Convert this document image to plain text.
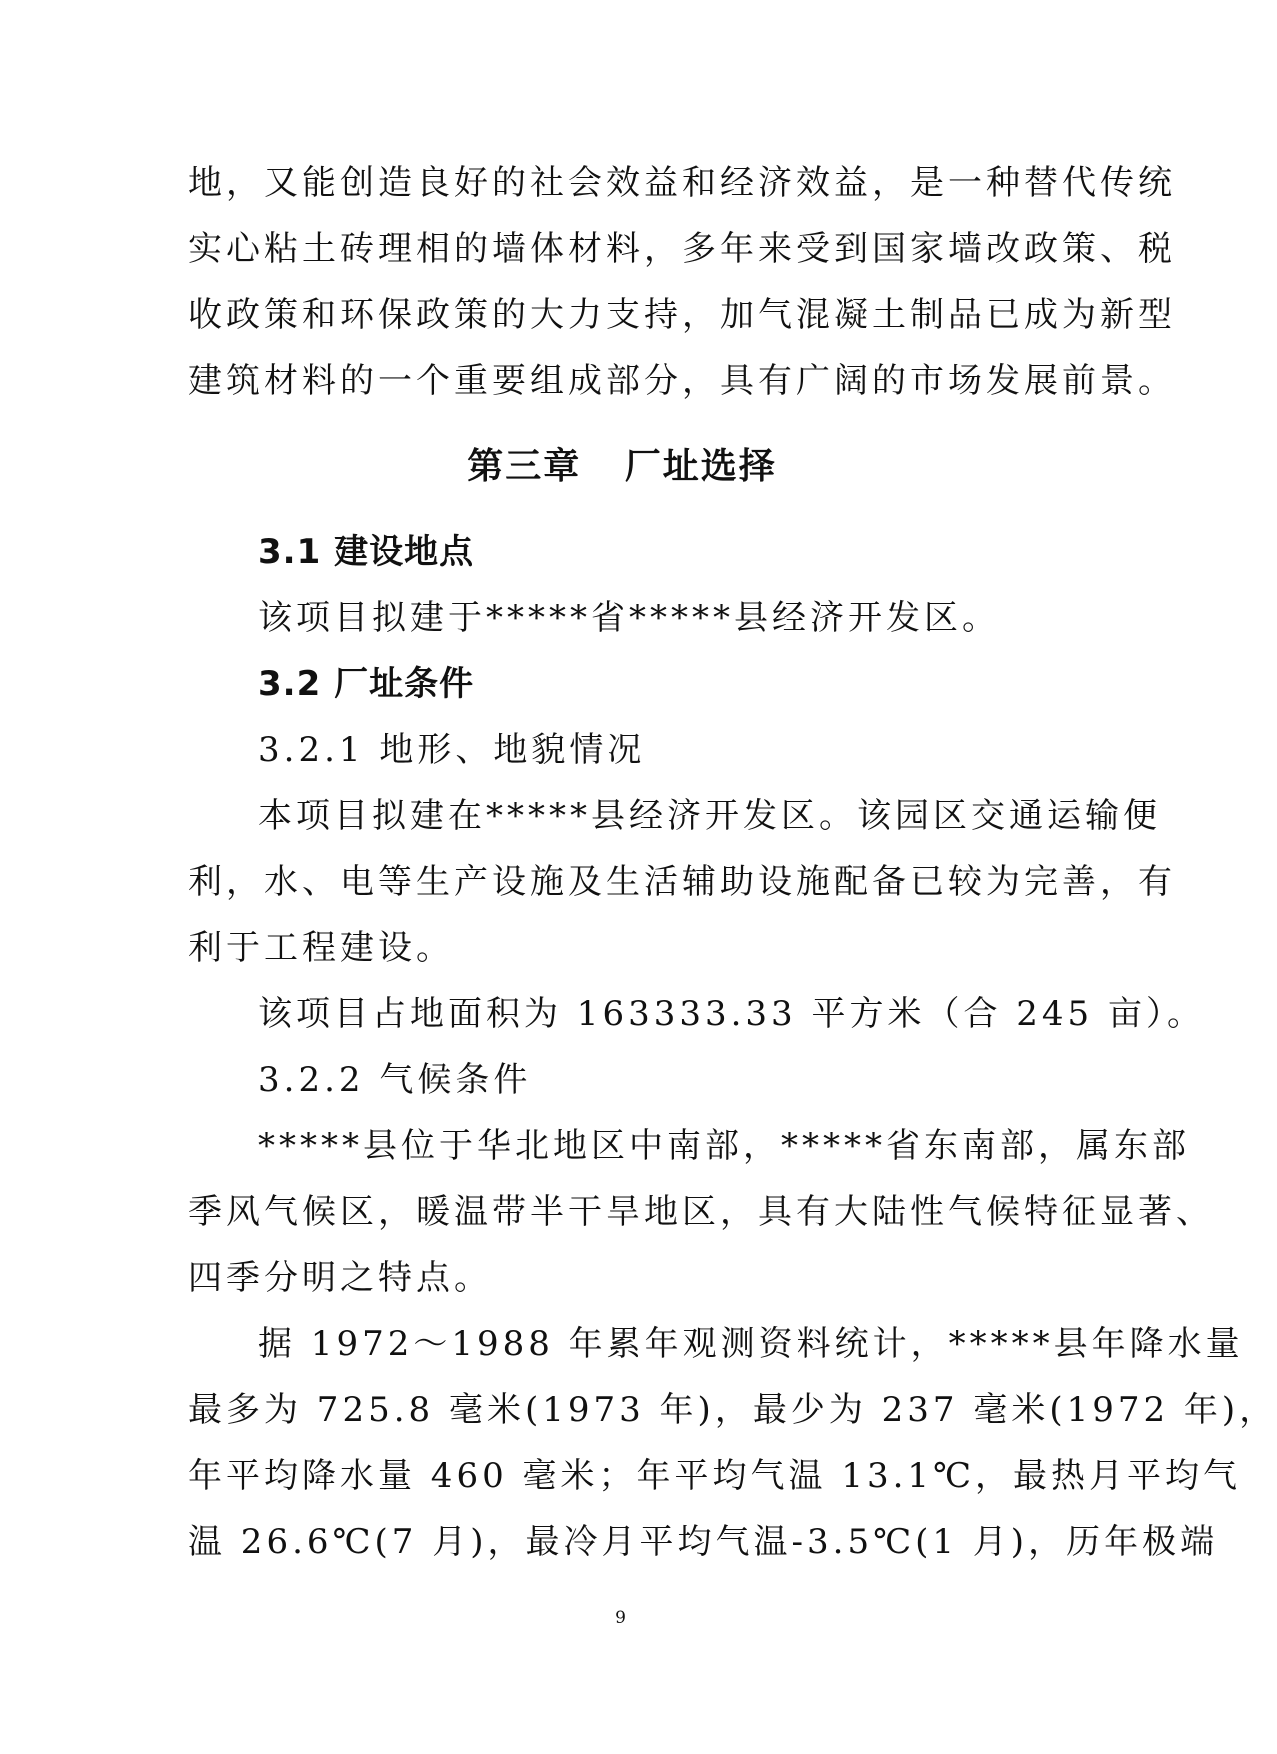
地，又能创造良好的社会效益和经济效益，是一种替代传统

实心粘土砖理相的墙体材料，多年来受到国家墙改政策、税

收政策和环保政策的大力支持，加气混凝土制品已成为新型

建筑材料的一个重要组成部分，具有广阔的市场发展前景。

第三章   厂址选择

3.1 建设地点

该项目拟建于*****省*****县经济开发区。

3.2 厂址条件

3.2.1 地形、地貌情况

本项目拟建在*****县经济开发区。该园区交通运输便

利，水、电等生产设施及生活辅助设施配备已较为完善，有

利于工程建设。

该项目占地面积为 163333.33 平方米（合 245 亩）。

3.2.2 气候条件

*****县位于华北地区中南部，*****省东南部，属东部

季风气候区，暖温带半干旱地区，具有大陆性气候特征显著、

四季分明之特点。

据 1972～1988 年累年观测资料统计，*****县年降水量

最多为 725.8 毫米(1973 年)，最少为 237 毫米(1972 年)，

年平均降水量 460 毫米；年平均气温 13.1℃，最热月平均气

温 26.6℃(7 月)，最冷月平均气温-3.5℃(1 月)，历年极端

9
